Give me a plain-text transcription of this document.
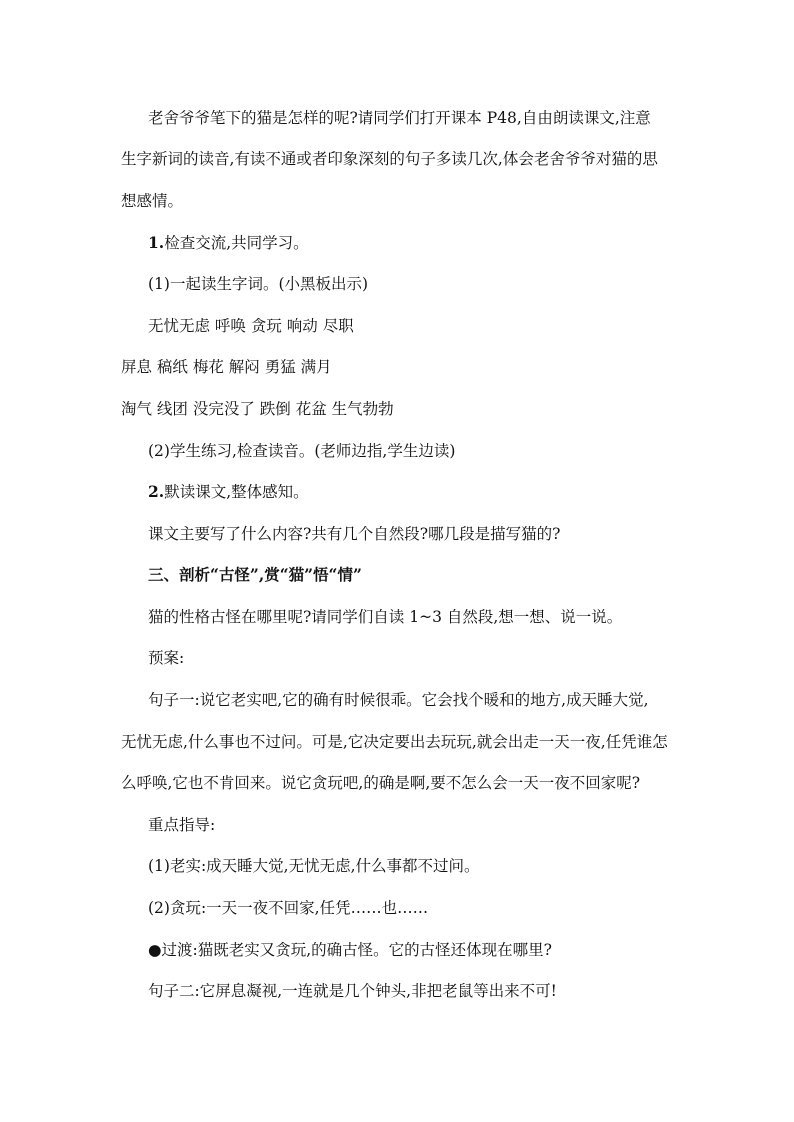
老舍爷爷笔下的猫是怎样的呢?请同学们打开课本 P48,自由朗读课文,注意
生字新词的读音,有读不通或者印象深刻的句子多读几次,体会老舍爷爷对猫的思
想感情。
1.检查交流,共同学习。
(1)一起读生字词。(小黑板出示)
无忧无虑 呼唤 贪玩 响动 尽职
屏息 稿纸 梅花 解闷 勇猛 满月
淘气 线团 没完没了 跌倒 花盆 生气勃勃
(2)学生练习,检查读音。(老师边指,学生边读)
2.默读课文,整体感知。
课文主要写了什么内容?共有几个自然段?哪几段是描写猫的?
三、剖析“古怪”,赏“猫”悟“情”
猫的性格古怪在哪里呢?请同学们自读 1~3 自然段,想一想、说一说。
预案:
句子一:说它老实吧,它的确有时候很乖。它会找个暖和的地方,成天睡大觉,
无忧无虑,什么事也不过问。可是,它决定要出去玩玩,就会出走一天一夜,任凭谁怎
么呼唤,它也不肯回来。说它贪玩吧,的确是啊,要不怎么会一天一夜不回家呢?
重点指导:
(1)老实:成天睡大觉,无忧无虑,什么事都不过问。
(2)贪玩:一天一夜不回家,任凭……也……
●过渡:猫既老实又贪玩,的确古怪。它的古怪还体现在哪里?
句子二:它屏息凝视,一连就是几个钟头,非把老鼠等出来不可!
